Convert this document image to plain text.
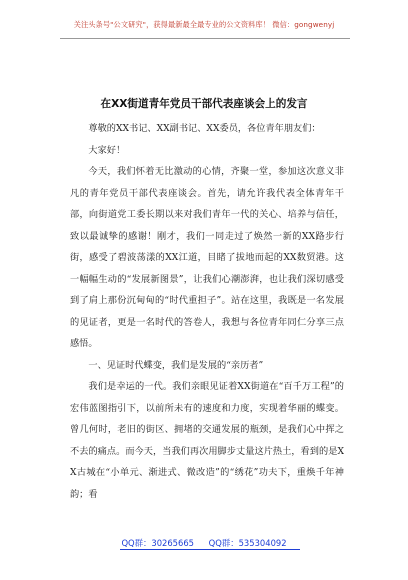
关注头条号"公文研究"，获得最新最全最专业的公文资料库！ 微信：gongwenyj
在XX街道青年党员干部代表座谈会上的发言

尊敬的XX书记、XX副书记、XX委员，各位青年朋友们：

大家好！

今天，我们怀着无比激动的心情，齐聚一堂，参加这次意义非凡的青年党员干部代表座谈会。首先，请允许我代表全体青年干部，向街道党工委长期以来对我们青年一代的关心、培养与信任，致以最诚挚的感谢！刚才，我们一同走过了焕然一新的XX路步行街，感受了碧波荡漾的XX江道，目睹了拔地而起的XX数贸港。这一幅幅生动的“发展新图景”，让我们心潮澎湃，也让我们深切感受到了肩上那份沉甸甸的“时代重担子”。站在这里，我既是一名发展的见证者，更是一名时代的答卷人，我想与各位青年同仁分享三点感悟。

一、见证时代蝶变，我们是发展的“亲历者”

我们是幸运的一代。我们亲眼见证着XX街道在“百千万工程”的宏伟蓝图指引下，以前所未有的速度和力度，实现着华丽的蝶变。曾几何时，老旧的街区、拥堵的交通发展的瓶颈，是我们心中挥之不去的痛点。而今天，当我们再次用脚步丈量这片热土，看到的是XX古城在“小单元、渐进式、微改造”的“绣花”功夫下，重焕千年神韵；看

QQ群：30265665 QQ群：535304092
